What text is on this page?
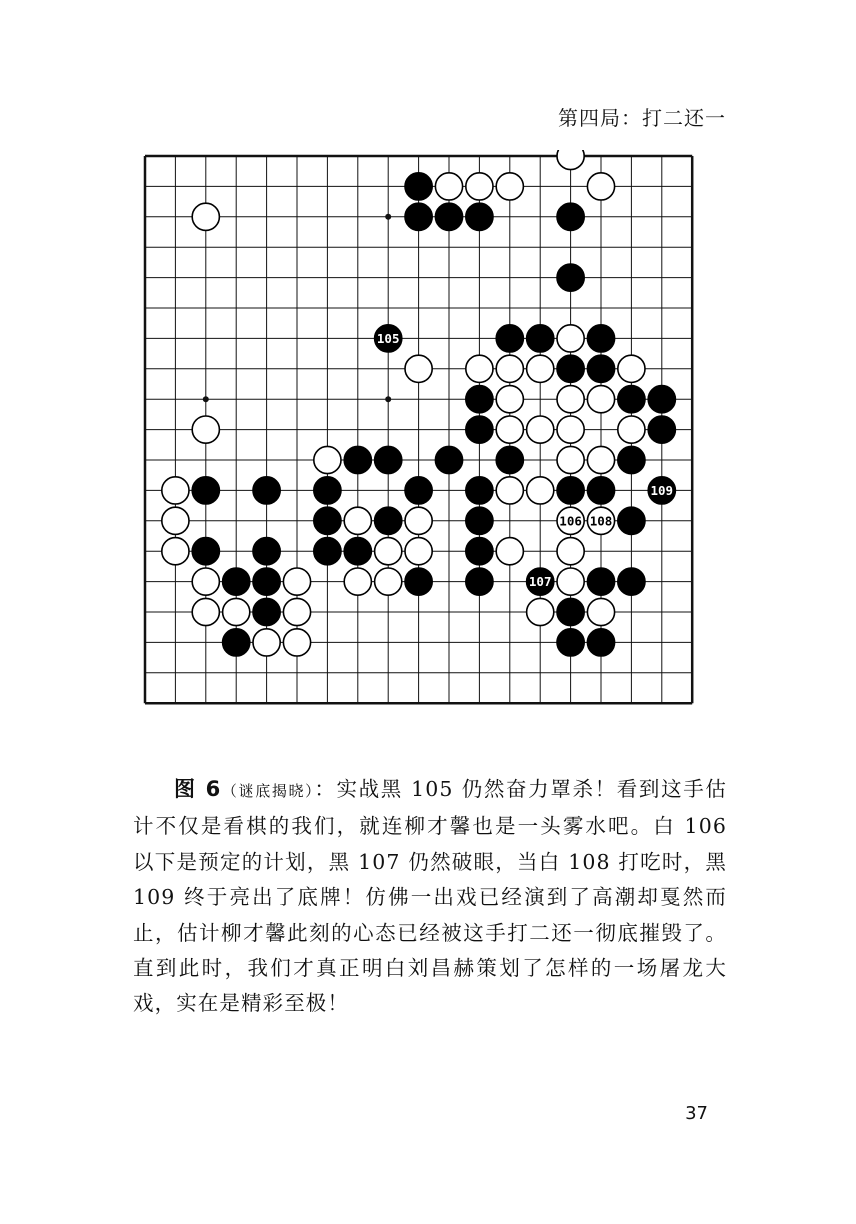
第四局：打二还一
105
106
107
108
109
图 6（谜底揭晓）：实战黑 105 仍然奋力罩杀！看到这手估计不仅是看棋的我们，就连柳才馨也是一头雾水吧。白 106 以下是预定的计划，黑 107 仍然破眼，当白 108 打吃时，黑 109 终于亮出了底牌！仿佛一出戏已经演到了高潮却戛然而止，估计柳才馨此刻的心态已经被这手打二还一彻底摧毁了。直到此时，我们才真正明白刘昌赫策划了怎样的一场屠龙大戏，实在是精彩至极！
37
